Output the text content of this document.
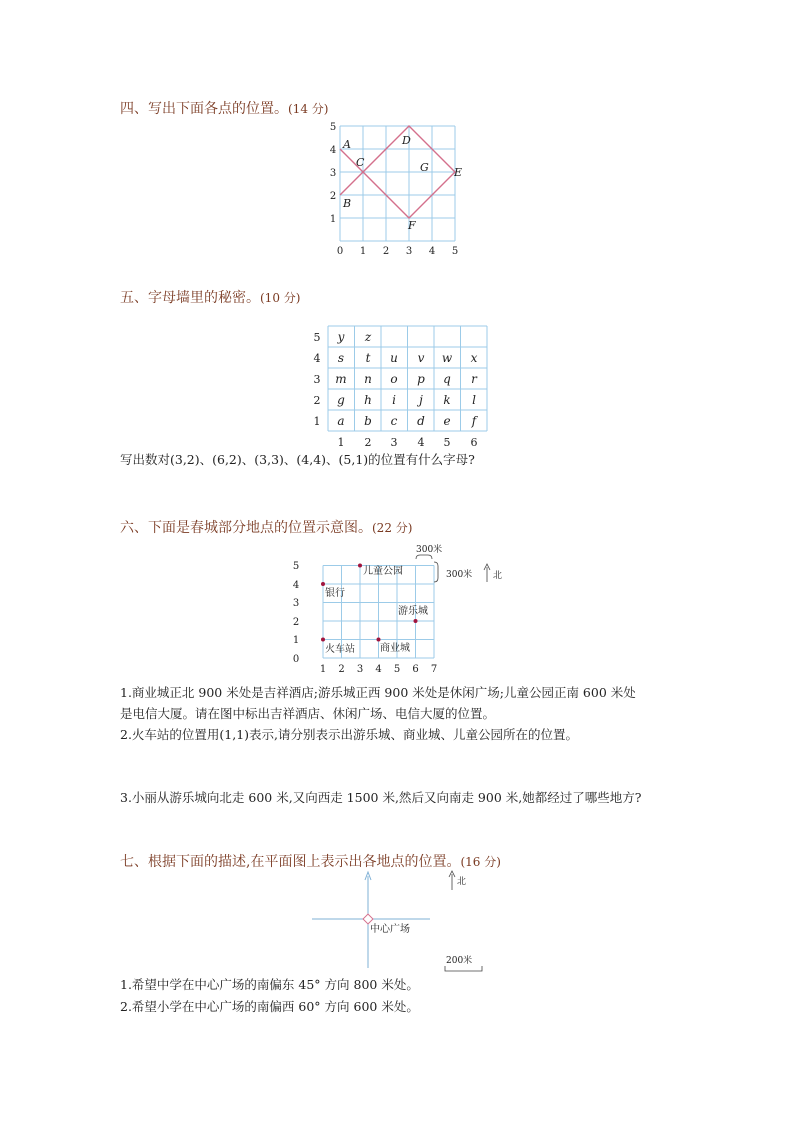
四、写出下面各点的位置。(14 分)
0 1 2 3 4 5
1
2
3
4
5
A
B
C
D
E
F
G
五、字母墙里的秘密。(10 分)
5
4
3
2
1
y z
s t u v w x
m n o p q r
g h i j k l
a b c d e f
1 2 3 4 5 6
写出数对(3,2)、(6,2)、(3,3)、(4,4)、(5,1)的位置有什么字母?
六、下面是春城部分地点的位置示意图。(22 分)
300米
300米 北
银行
儿童公园
游乐城
火车站	商业城
0
1
2
3
4
5
1 2 3 4 5 6 7
1.商业城正北 900 米处是吉祥酒店;游乐城正西 900 米处是休闲广场;儿童公园正南 600 米处
是电信大厦。请在图中标出吉祥酒店、休闲广场、电信大厦的位置。
2.火车站的位置用(1,1)表示,请分别表示出游乐城、商业城、儿童公园所在的位置。
3.小丽从游乐城向北走 600 米,又向西走 1500 米,然后又向南走 900 米,她都经过了哪些地方?
七、根据下面的描述,在平面图上表示出各地点的位置。(16 分)
中心广场
北
200米
1.希望中学在中心广场的南偏东 45° 方向 800 米处。
2.希望小学在中心广场的南偏西 60° 方向 600 米处。
